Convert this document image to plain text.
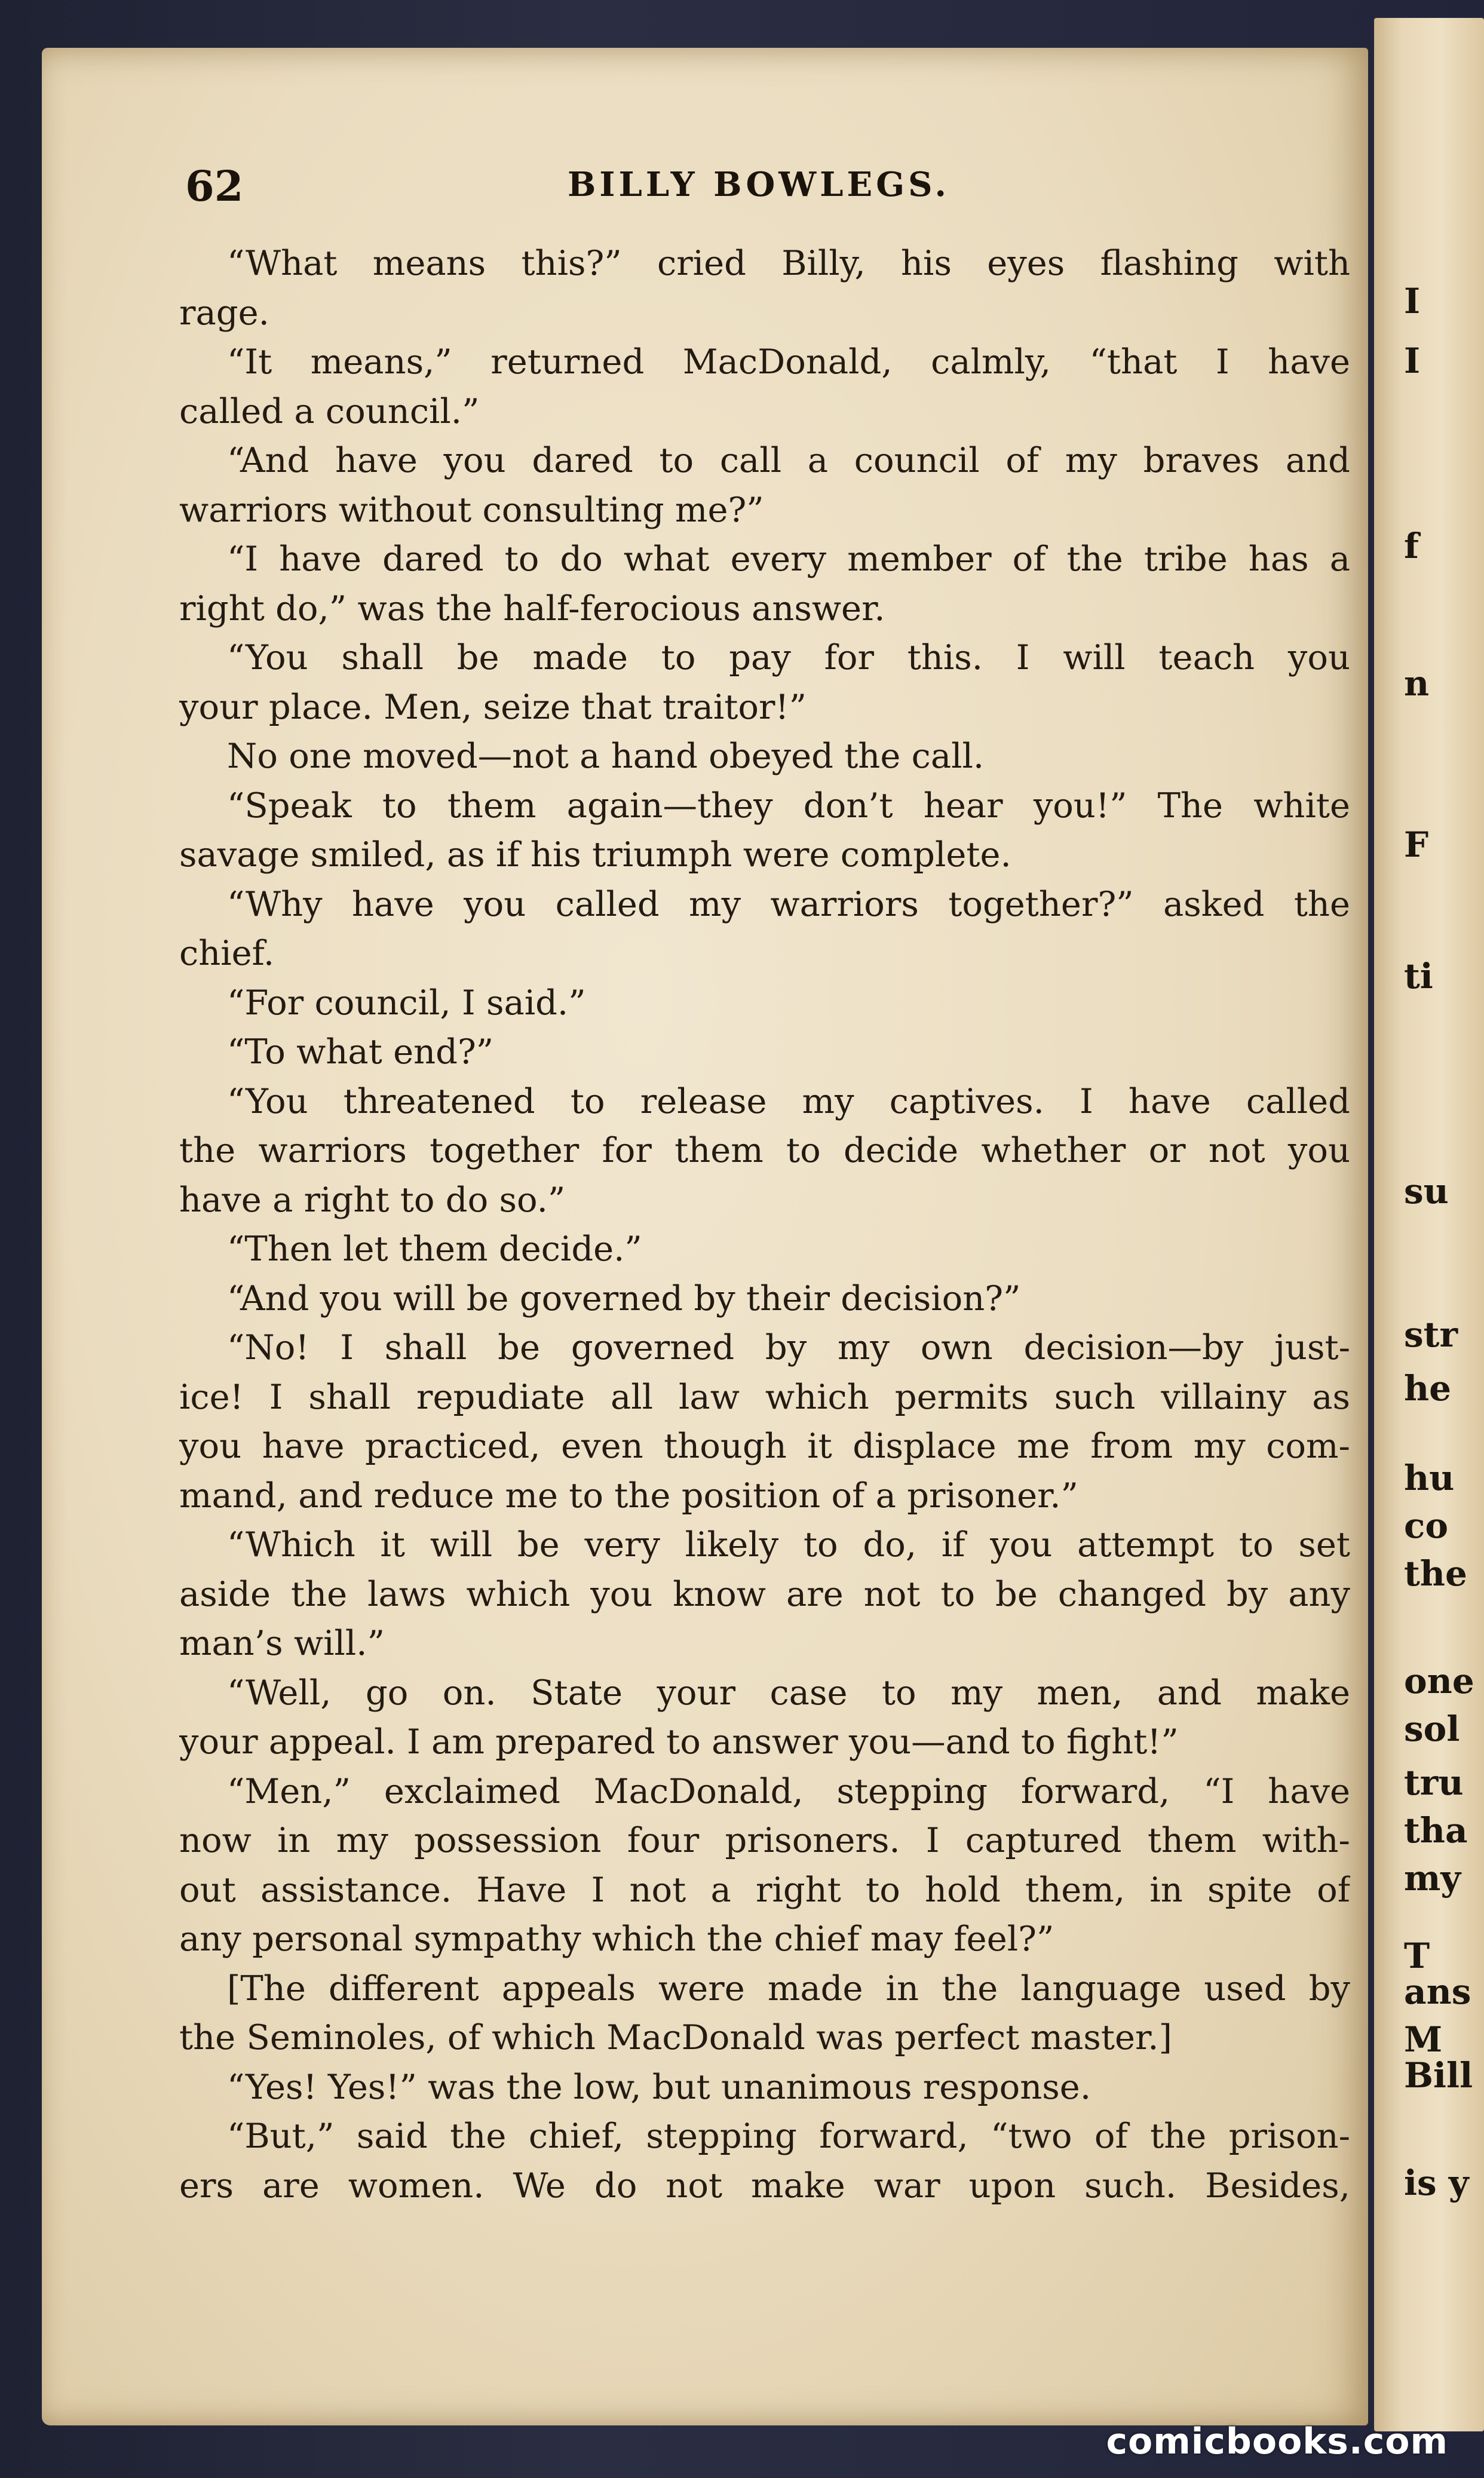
I
I
f
n
F
ti
su
str
he
hu
co
the
one
sol
tru
tha
my
T
ans
M
Bill
is y
62	BILLY BOWLEGS.
“What means this?” cried Billy, his eyes flashing with
rage.
“It means,” returned MacDonald, calmly, “that I have
called a council.”
“And have you dared to call a council of my braves and
warriors without consulting me?”
“I have dared to do what every member of the tribe has a
right do,” was the half-ferocious answer.
“You shall be made to pay for this. I will teach you
your place. Men, seize that traitor!”
No one moved—not a hand obeyed the call.
“Speak to them again—they don’t hear you!” The white
savage smiled, as if his triumph were complete.
“Why have you called my warriors together?” asked the
chief.
“For council, I said.”
“To what end?”
“You threatened to release my captives. I have called
the warriors together for them to decide whether or not you
have a right to do so.”
“Then let them decide.”
“And you will be governed by their decision?”
“No! I shall be governed by my own decision—by just-
ice! I shall repudiate all law which permits such villainy as
you have practiced, even though it displace me from my com-
mand, and reduce me to the position of a prisoner.”
“Which it will be very likely to do, if you attempt to set
aside the laws which you know are not to be changed by any
man’s will.”
“Well, go on. State your case to my men, and make
your appeal. I am prepared to answer you—and to fight!”
“Men,” exclaimed MacDonald, stepping forward, “I have
now in my possession four prisoners. I captured them with-
out assistance. Have I not a right to hold them, in spite of
any personal sympathy which the chief may feel?”
[The different appeals were made in the language used by
the Seminoles, of which MacDonald was perfect master.]
“Yes! Yes!” was the low, but unanimous response.
“But,” said the chief, stepping forward, “two of the prison-
ers are women. We do not make war upon such. Besides,
comicbooks.com
